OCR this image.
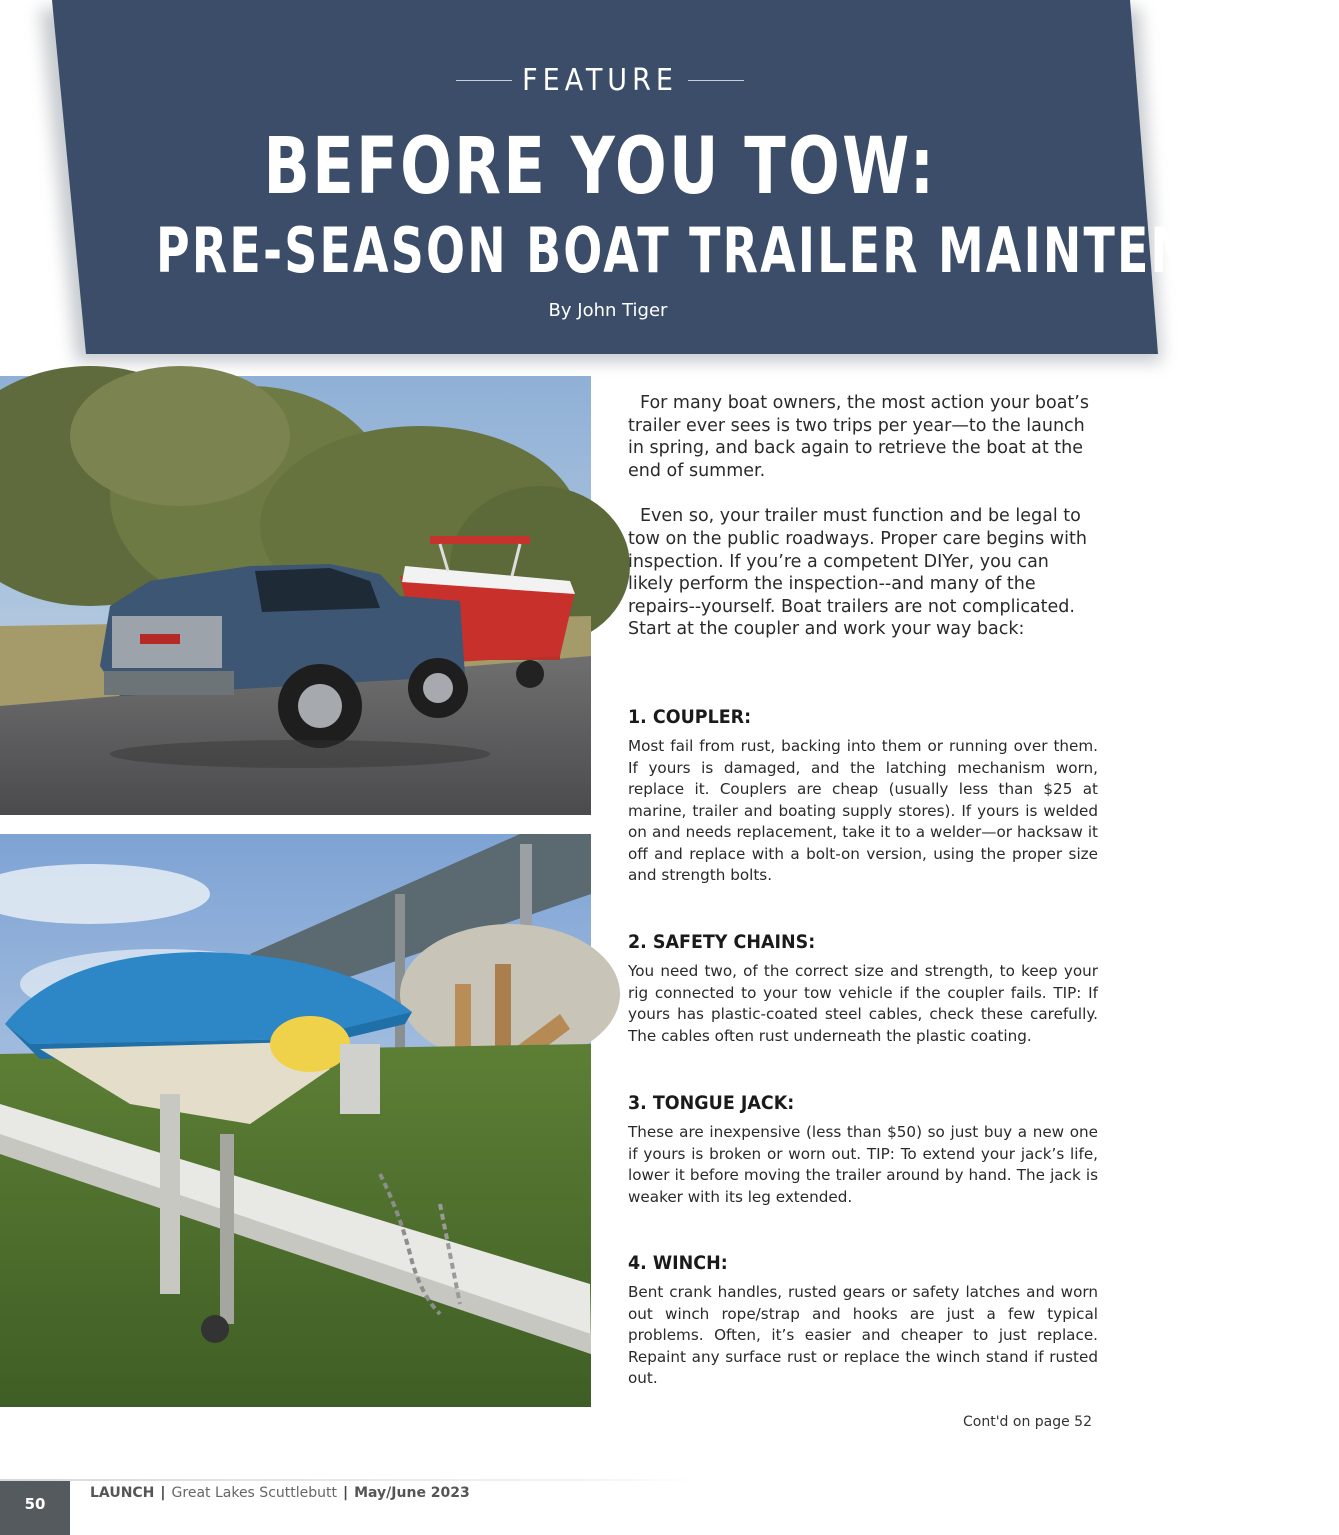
FEATURE
BEFORE YOU TOW:
PRE-SEASON BOAT TRAILER MAINTENANCE
By John Tiger

For many boat owners, the most action your boat’s trailer ever sees is two trips per year—to the launch in spring, and back again to retrieve the boat at the end of summer.

Even so, your trailer must function and be legal to tow on the public roadways. Proper care begins with inspection. If you’re a competent DIYer, you can likely perform the inspection--and many of the repairs--yourself. Boat trailers are not complicated. Start at the coupler and work your way back:

1. COUPLER:

Most fail from rust, backing into them or running over them. If yours is damaged, and the latching mechanism worn, replace it. Couplers are cheap (usually less than $25 at marine, trailer and boating supply stores). If yours is welded on and needs replacement, take it to a welder—or hacksaw it off and replace with a bolt-on version, using the proper size and strength bolts.

2. SAFETY CHAINS:

You need two, of the correct size and strength, to keep your rig connected to your tow vehicle if the coupler fails. TIP: If yours has plastic-coated steel cables, check these carefully. The cables often rust underneath the plastic coating.

3. TONGUE JACK:

These are inexpensive (less than $50) so just buy a new one if yours is broken or worn out. TIP: To extend your jack’s life, lower it before moving the trailer around by hand. The jack is weaker with its leg extended.

4. WINCH:

Bent crank handles, rusted gears or safety latches and worn out winch rope/strap and hooks are just a few typical problems. Often, it’s easier and cheaper to just replace. Repaint any surface rust or replace the winch stand if rusted out.

Cont'd on page 52
50
LAUNCH | Great Lakes Scuttlebutt | May/June 2023
